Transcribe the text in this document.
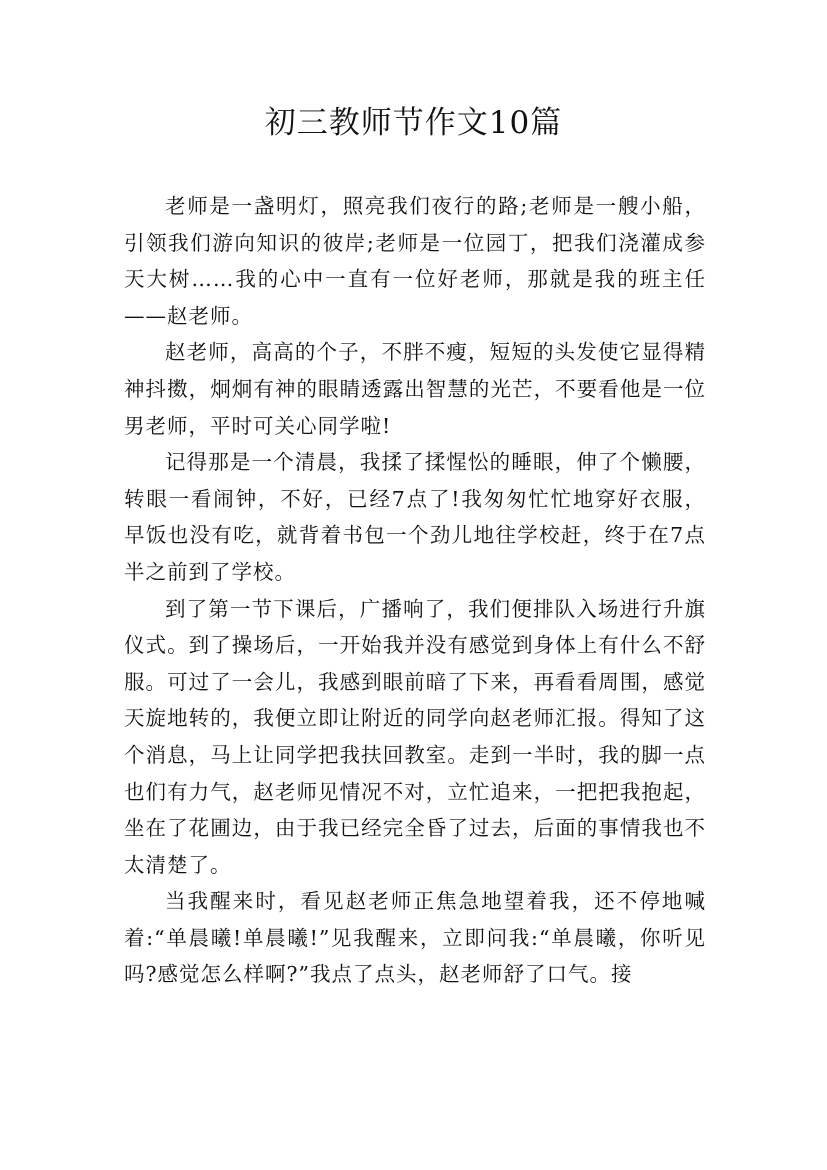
初三教师节作文10篇

老师是一盏明灯，照亮我们夜行的路;老师是一艘小船，引领我们游向知识的彼岸;老师是一位园丁，把我们浇灌成参天大树……我的心中一直有一位好老师，那就是我的班主任——赵老师。

赵老师，高高的个子，不胖不瘦，短短的头发使它显得精神抖擞，炯炯有神的眼睛透露出智慧的光芒，不要看他是一位男老师，平时可关心同学啦!

记得那是一个清晨，我揉了揉惺忪的睡眼，伸了个懒腰，转眼一看闹钟，不好，已经7点了!我匆匆忙忙地穿好衣服，早饭也没有吃，就背着书包一个劲儿地往学校赶，终于在7点半之前到了学校。

到了第一节下课后，广播响了，我们便排队入场进行升旗仪式。到了操场后，一开始我并没有感觉到身体上有什么不舒服。可过了一会儿，我感到眼前暗了下来，再看看周围，感觉天旋地转的，我便立即让附近的同学向赵老师汇报。得知了这个消息，马上让同学把我扶回教室。走到一半时，我的脚一点也们有力气，赵老师见情况不对，立忙追来，一把把我抱起，坐在了花圃边，由于我已经完全昏了过去，后面的事情我也不太清楚了。

当我醒来时，看见赵老师正焦急地望着我，还不停地喊着:“单晨曦!单晨曦!”见我醒来，立即问我:“单晨曦，你听见吗?感觉怎么样啊?”我点了点头，赵老师舒了口气。接
